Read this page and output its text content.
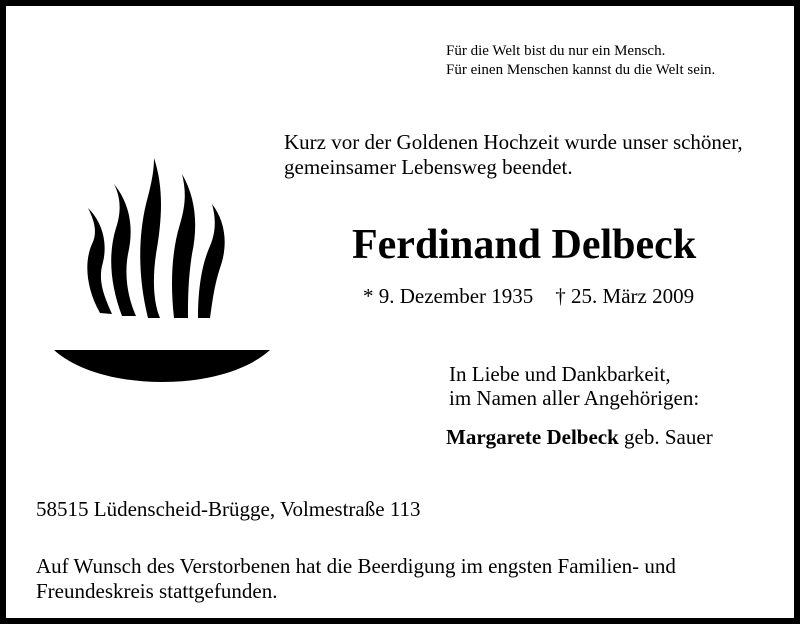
Für die Welt bist du nur ein Mensch.
Für einen Menschen kannst du die Welt sein.
Kurz vor der Goldenen Hochzeit wurde unser schöner,
gemeinsamer Lebensweg beendet.
Ferdinand Delbeck
* 9. Dezember 1935 † 25. März 2009
In Liebe und Dankbarkeit,
im Namen aller Angehörigen:
Margarete Delbeck geb. Sauer
58515 Lüdenscheid-Brügge, Volmestraße 113
Auf Wunsch des Verstorbenen hat die Beerdigung im engsten Familien- und
Freundeskreis stattgefunden.
